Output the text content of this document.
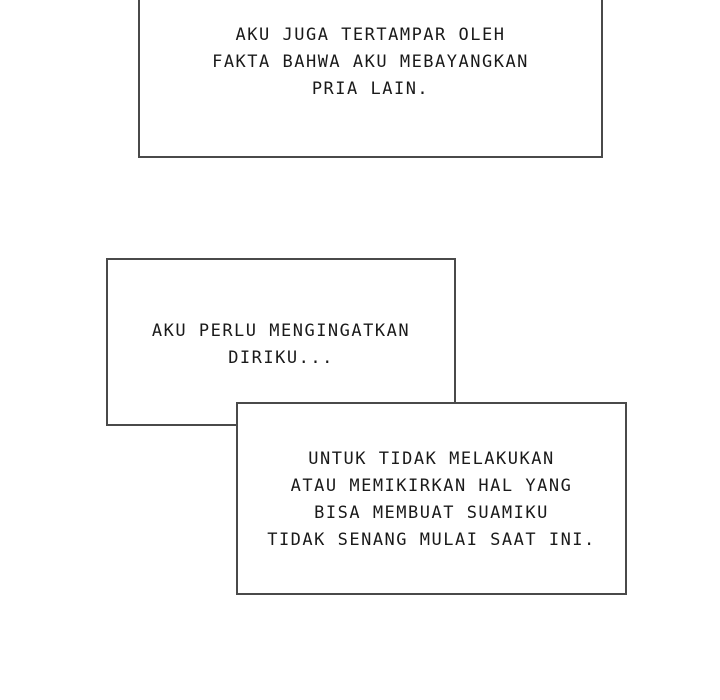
AKU JUGA TERTAMPAR OLEH
FAKTA BAHWA AKU MEBAYANGKAN
PRIA LAIN.
AKU PERLU MENGINGATKAN
DIRIKU...
UNTUK TIDAK MELAKUKAN
ATAU MEMIKIRKAN HAL YANG
BISA MEMBUAT SUAMIKU
TIDAK SENANG MULAI SAAT INI.
